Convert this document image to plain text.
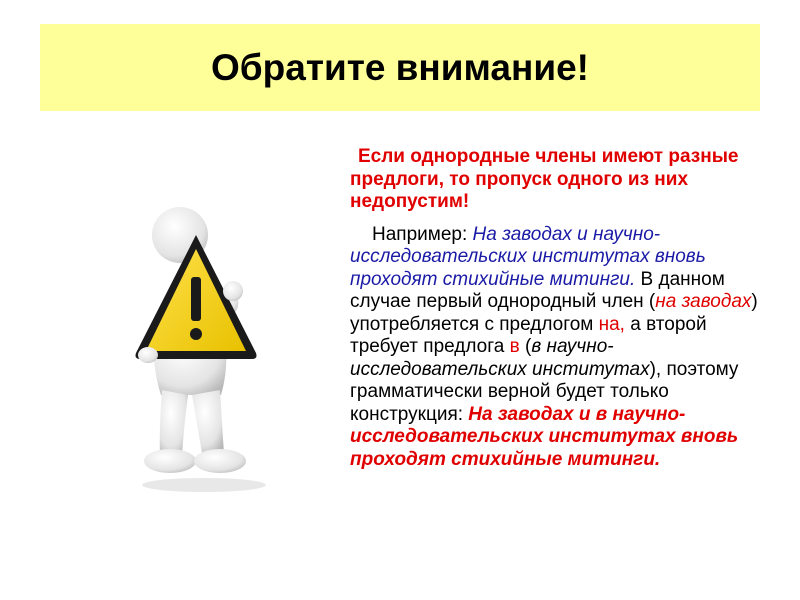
Обратите внимание!

Если однородные члены имеют разные предлоги, то пропуск одного из них недопустим!

Например: На заводах и научно-исследовательских институтах вновь проходят стихийные митинги. В данном случае первый однородный член (на заводах) употребляется с предлогом на, а второй требует предлога в (в научно-исследовательских институтах), поэтому грамматически верной будет только конструкция: На заводах и в научно-исследовательских институтах вновь проходят стихийные митинги.
